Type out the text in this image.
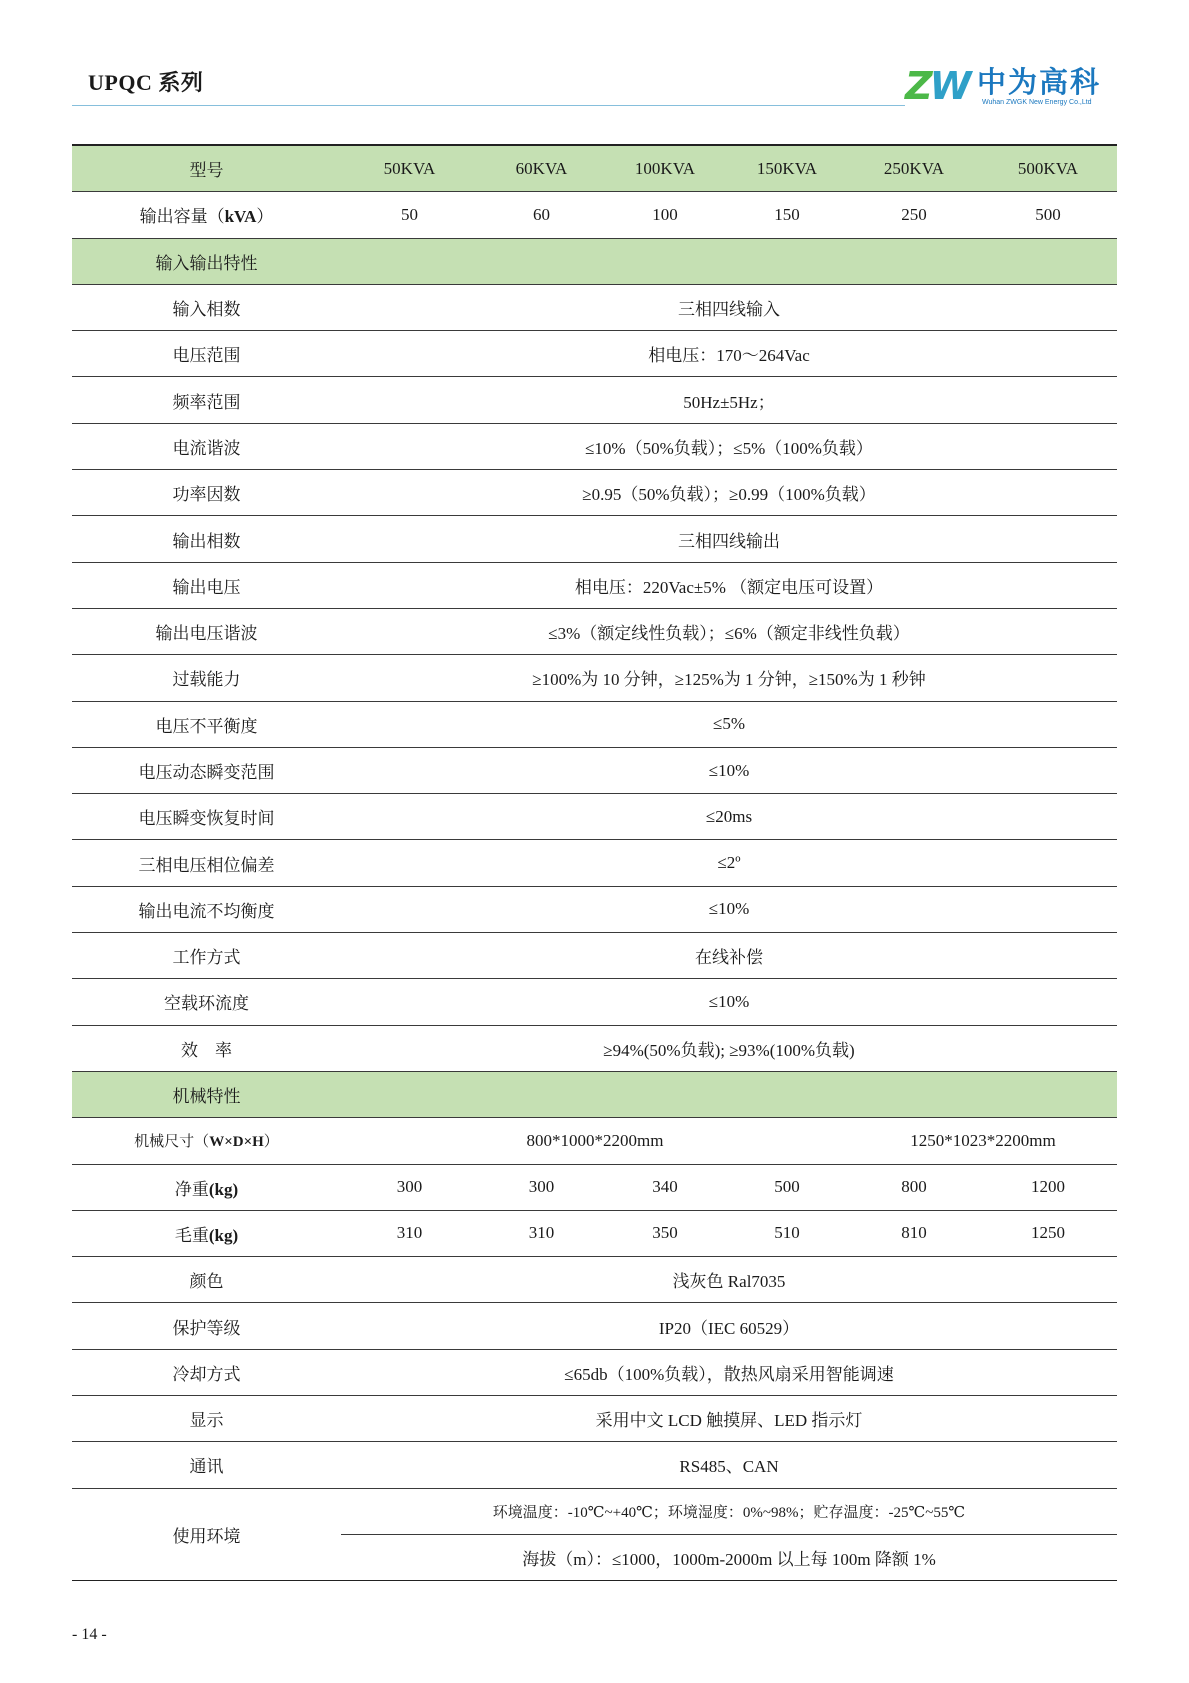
UPQC 系列	ZW 中为高科
Wuhan ZWGK New Energy Co.,Ltd
型号	50KVA	60KVA	100KVA	150KVA	250KVA	500KVA
输出容量（kVA）	50	60	100	150	250	500
输入输出特性
输入相数	三相四线输入
电压范围	相电压：170～264Vac
频率范围	50Hz±5Hz；
电流谐波	≤10%（50%负载）；≤5%（100%负载）
功率因数	≥0.95（50%负载）；≥0.99（100%负载）
输出相数	三相四线输出
输出电压	相电压：220Vac±5% （额定电压可设置）
输出电压谐波	≤3%（额定线性负载）；≤6%（额定非线性负载）
过载能力	≥100%为 10 分钟，≥125%为 1 分钟，≥150%为 1 秒钟
电压不平衡度	≤5%
电压动态瞬变范围	≤10%
电压瞬变恢复时间	≤20ms
三相电压相位偏差	≤2º
输出电流不均衡度	≤10%
工作方式	在线补偿
空载环流度	≤10%
效　率	≥94%(50%负载); ≥93%(100%负载)
机械特性
机械尺寸（W×D×H）	800*1000*2200mm	1250*1023*2200mm
净重(kg)	300	300	340	500	800	1200
毛重(kg)	310	310	350	510	810	1250
颜色	浅灰色 Ral7035
保护等级	IP20（IEC 60529）
冷却方式	≤65db（100%负载），散热风扇采用智能调速
显示	采用中文 LCD 触摸屏、LED 指示灯
通讯	RS485、CAN
使用环境
环境温度：-10℃~+40℃；环境湿度：0%~98%；贮存温度：-25℃~55℃
海拔（m）：≤1000，1000m-2000m 以上每 100m 降额 1%
- 14 -
